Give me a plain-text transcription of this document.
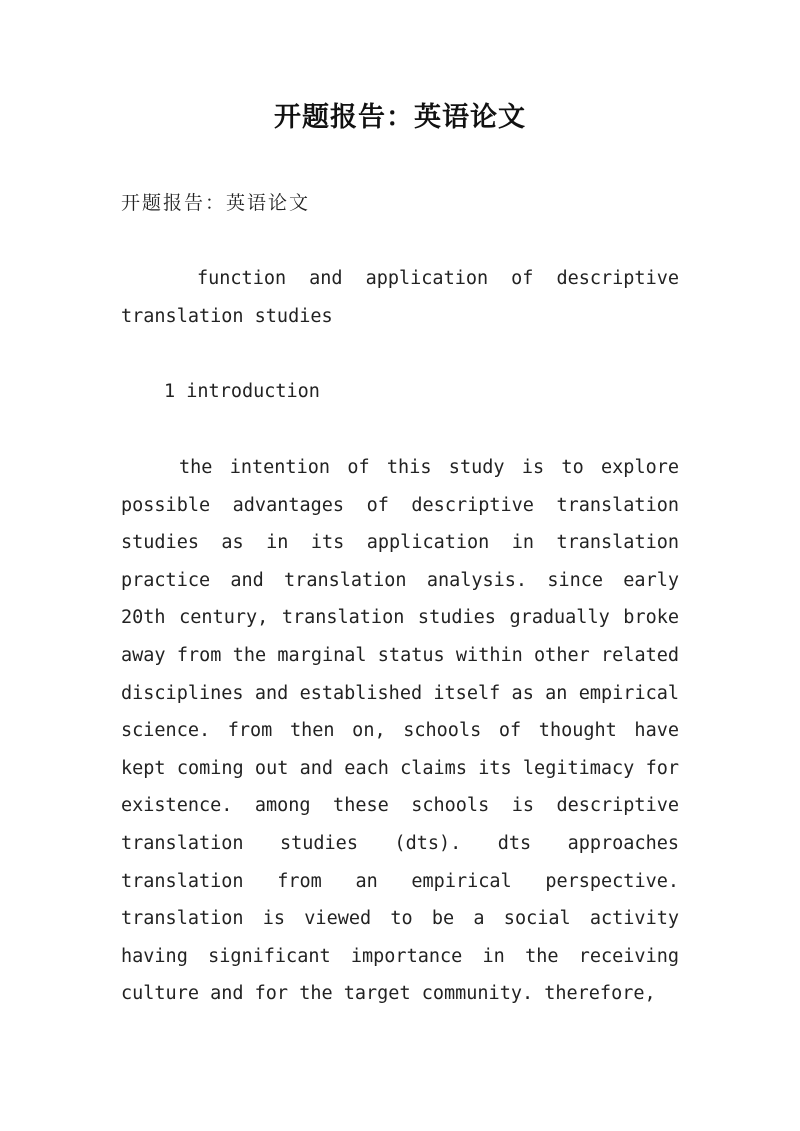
开题报告：英语论文

开题报告：英语论文

function and application of descriptive translation studies

1 introduction

the intention of this study is to explore possible advantages of descriptive translation studies as in its application in translation practice and translation analysis. since early 20th century, translation studies gradually broke away from the marginal status within other related disciplines and established itself as an empirical science. from then on, schools of thought have kept coming out and each claims its legitimacy for existence. among these schools is descriptive translation studies (dts). dts approaches translation from an empirical perspective. translation is viewed to be a social activity having significant importance in the receiving culture and for the target community. therefore,
